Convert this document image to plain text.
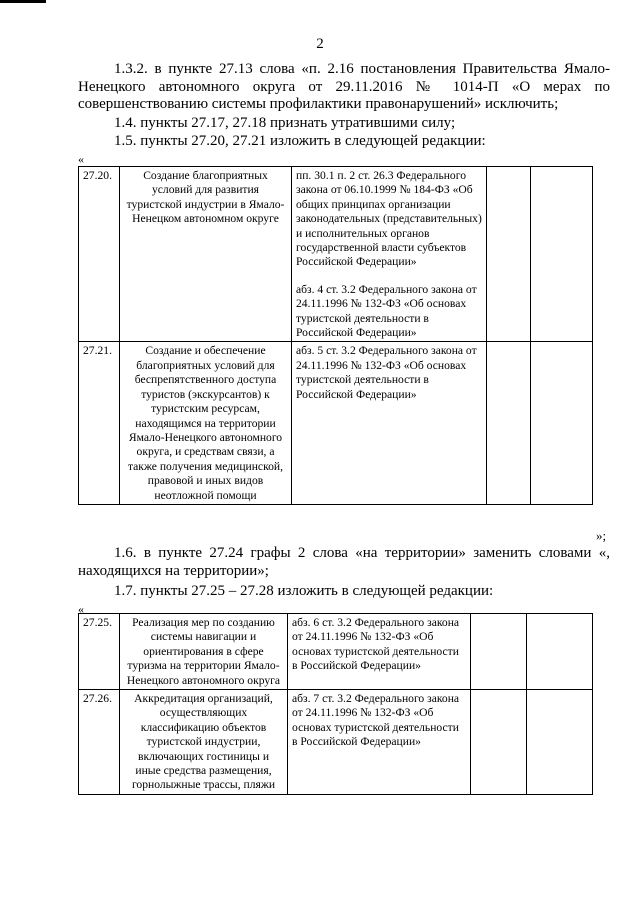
2
1.3.2. в пункте 27.13 слова «п. 2.16 постановления Правительства Ямало-Ненецкого автономного округа от 29.11.2016 № 1014-П «О мерах по совершенствованию системы профилактики правонарушений» исключить;
1.4. пункты 27.17, 27.18 признать утратившими силу;
1.5. пункты 27.20, 27.21 изложить в следующей редакции:
«
27.20.	Создание благоприятных условий для развития туристской индустрии в Ямало-Ненецком автономном округе	пп. 30.1 п. 2 ст. 26.3 Федерального закона от 06.10.1999 № 184-ФЗ «Об общих принципах организации законодательных (представительных) и исполнительных органов государственной власти субъектов Российской Федерации»

абз. 4 ст. 3.2 Федерального закона от 24.11.1996 № 132-ФЗ «Об основах туристской деятельности в Российской Федерации»		

27.21.	Создание и обеспечение благоприятных условий для беспрепятственного доступа туристов (экскурсантов) к туристским ресурсам, находящимся на территории Ямало-Ненецкого автономного округа, и средствам связи, а также получения медицинской, правовой и иных видов неотложной помощи	абз. 5 ст. 3.2 Федерального закона от 24.11.1996 № 132-ФЗ «Об основах туристской деятельности в Российской Федерации»		

»;
1.6. в пункте 27.24 графы 2 слова «на территории» заменить словами «, находящихся на территории»;
1.7. пункты 27.25 – 27.28 изложить в следующей редакции:
«
27.25.	Реализация мер по созданию системы навигации и ориентирования в сфере туризма на территории Ямало-Ненецкого автономного округа	абз. 6 ст. 3.2 Федерального закона от 24.11.1996 № 132-ФЗ «Об основах туристской деятельности в Российской Федерации»		

27.26.	Аккредитация организаций, осуществляющих классификацию объектов туристской индустрии, включающих гостиницы и иные средства размещения, горнолыжные трассы, пляжи	абз. 7 ст. 3.2 Федерального закона от 24.11.1996 № 132-ФЗ «Об основах туристской деятельности в Российской Федерации»		
